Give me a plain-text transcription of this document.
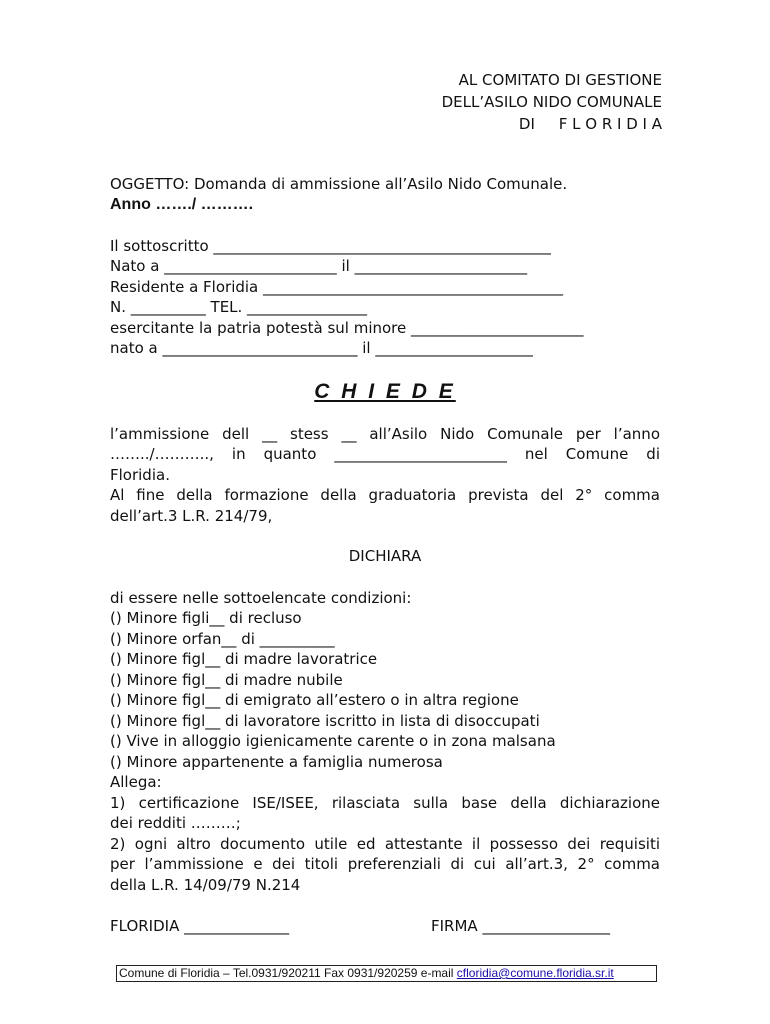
AL COMITATO DI GESTIONE
DELL’ASILO NIDO COMUNALE
DI     F L O R I D I A
OGGETTO: Domanda di ammissione all’Asilo Nido Comunale.
Anno ……./ ……….
Il sottoscritto _____________________________________________
Nato a _______________________ il _______________________
Residente a Floridia ________________________________________
N. __________ TEL. ________________
esercitante la patria potestà sul minore _______________________
nato a __________________________ il _____________________
C H I E D E
l’ammissione dell __ stess __ all’Asilo Nido Comunale per l’anno
……../……….., in quanto _______________________ nel Comune di
Floridia.
Al fine della formazione della graduatoria prevista del 2° comma
dell’art.3 L.R. 214/79,
DICHIARA
di essere nelle sottoelencate condizioni:
() Minore figli__ di recluso
() Minore orfan__ di __________
() Minore figl__ di madre lavoratrice
() Minore figl__ di madre nubile
() Minore figl__ di emigrato all’estero o in altra regione
() Minore figl__ di lavoratore iscritto in lista di disoccupati
() Vive in alloggio igienicamente carente o in zona malsana
() Minore appartenente a famiglia numerosa
Allega:
1) certificazione ISE/ISEE, rilasciata sulla base della dichiarazione
dei redditi ………;
2) ogni altro documento utile ed attestante il possesso dei requisiti
per l’ammissione e dei titoli preferenziali di cui all’art.3, 2° comma
della L.R. 14/09/79 N.214
FLORIDIA ______________	FIRMA _________________
Comune di Floridia – Tel.0931/920211 Fax 0931/920259 e-mail cfloridia@comune.floridia.sr.it
